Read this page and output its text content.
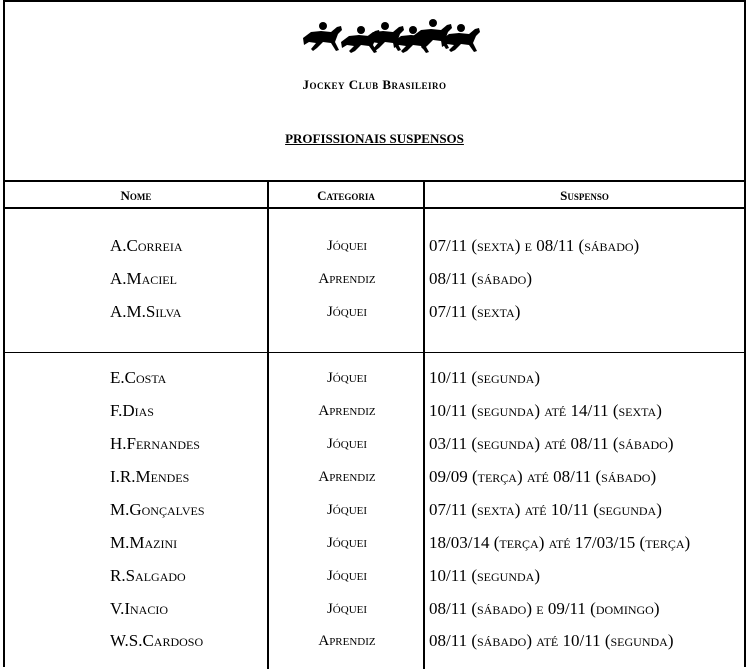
Jockey Club Brasileiro
PROFISSIONAIS SUSPENSOS
Nome	Categoria	Suspenso
A.Correia	Jóquei	07/11 (sexta) e 08/11 (sábado)
A.Maciel	Aprendiz	08/11 (sábado)
A.M.Silva	Jóquei	07/11 (sexta)
E.Costa	Jóquei	10/11 (segunda)
F.Dias	Aprendiz	10/11 (segunda) até 14/11 (sexta)
H.Fernandes	Jóquei	03/11 (segunda) até 08/11 (sábado)
I.R.Mendes	Aprendiz	09/09 (terça) até 08/11 (sábado)
M.Gonçalves	Jóquei	07/11 (sexta) até 10/11 (segunda)
M.Mazini	Jóquei	18/03/14 (terça) até 17/03/15 (terça)
R.Salgado	Jóquei	10/11 (segunda)
V.Inacio	Jóquei	08/11 (sábado) e 09/11 (domingo)
W.S.Cardoso	Aprendiz	08/11 (sábado) até 10/11 (segunda)
